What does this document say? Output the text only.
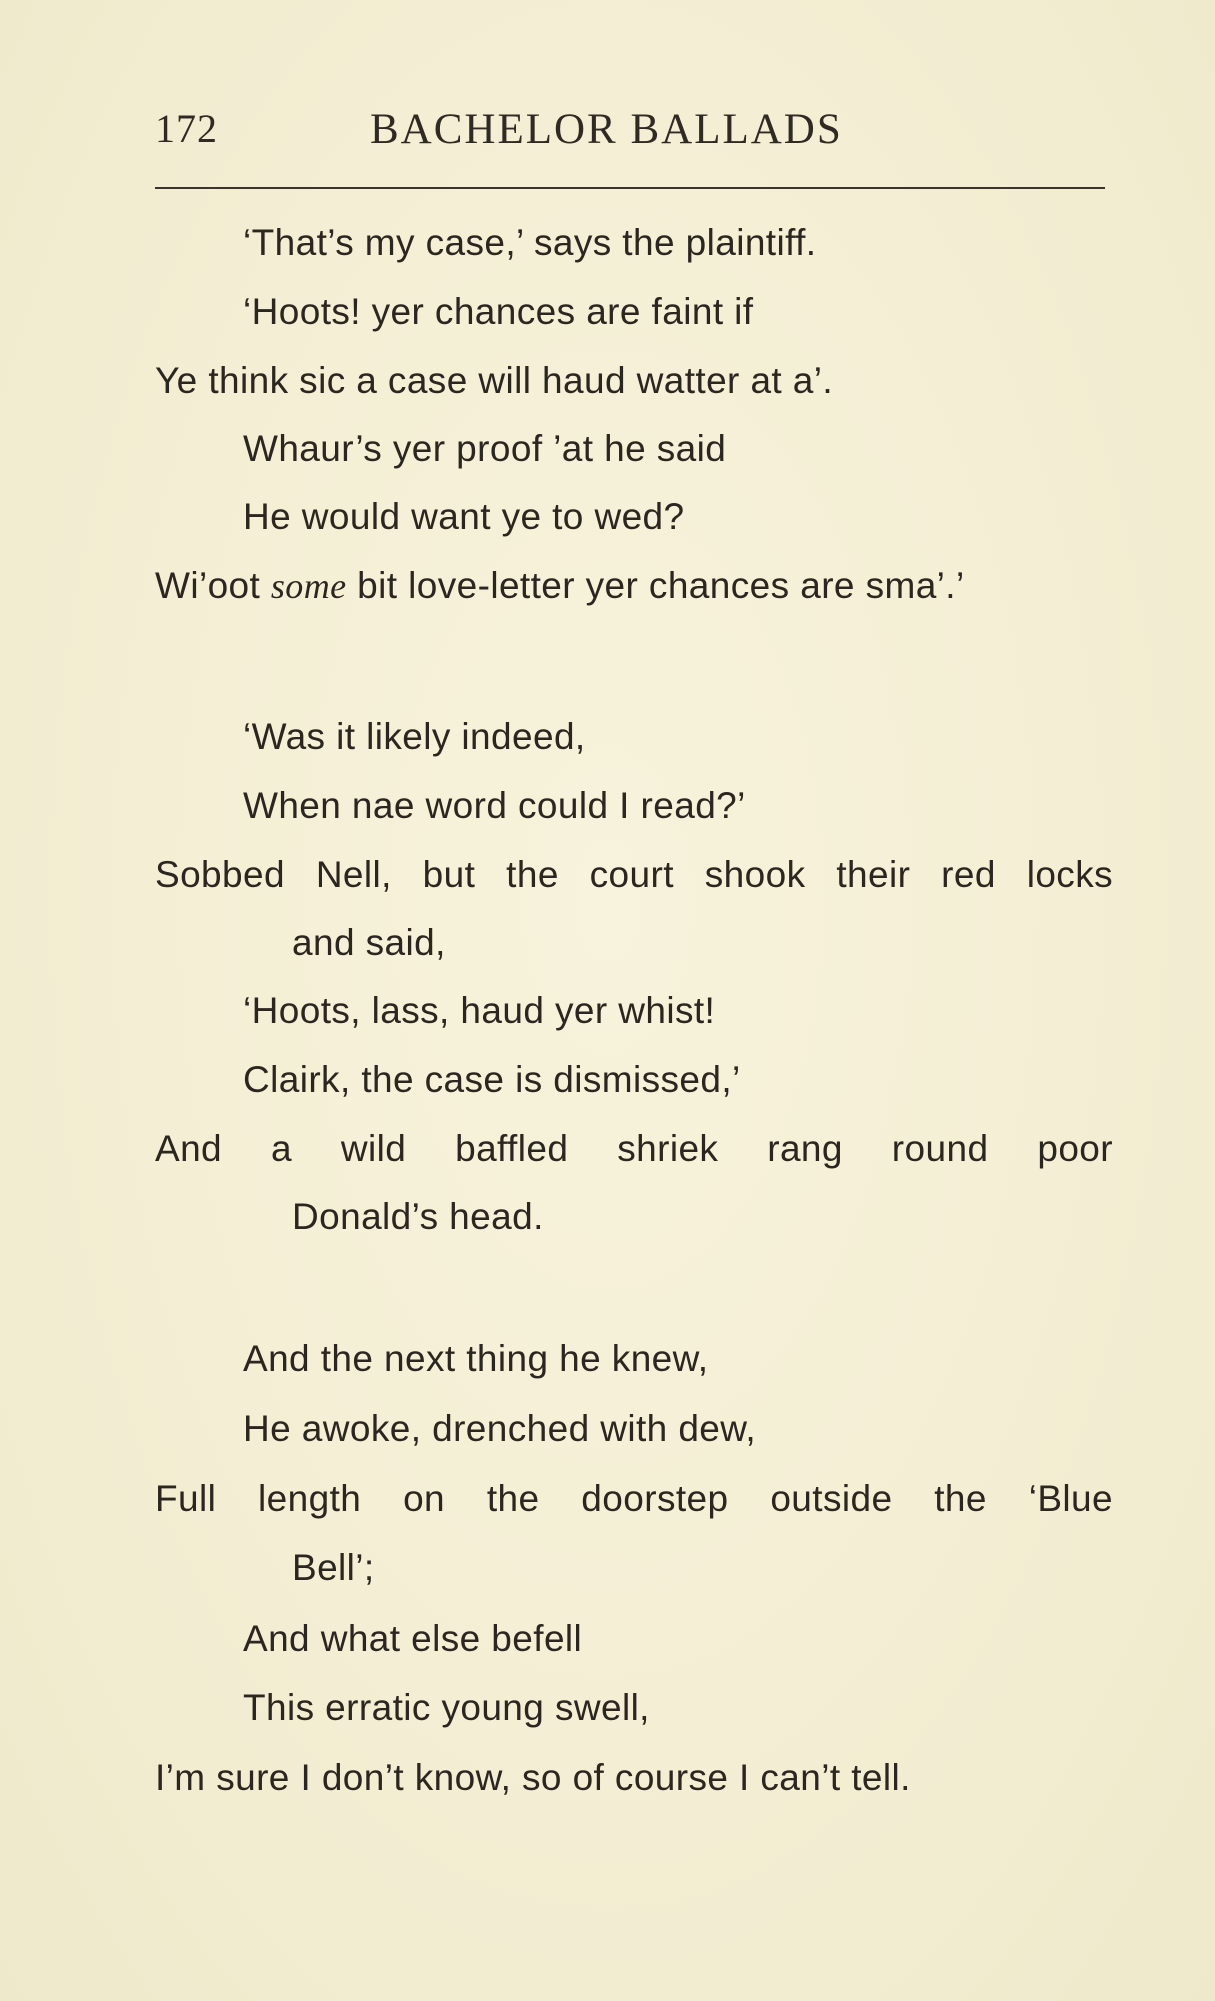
172	BACHELOR BALLADS
‘That’s my case,’ says the plaintiff.
‘Hoots! yer chances are faint if
Ye think sic a case will haud watter at a’.
Whaur’s yer proof ’at he said
He would want ye to wed?
Wi’oot some bit love-letter yer chances are sma’.’
‘Was it likely indeed,
When nae word could I read?’
Sobbed Nell, but the court shook their red locks
and said,
‘Hoots, lass, haud yer whist!
Clairk, the case is dismissed,’
And a wild baffled shriek rang round poor
Donald’s head.
And the next thing he knew,
He awoke, drenched with dew,
Full length on the doorstep outside the ‘Blue
Bell’;
And what else befell
This erratic young swell,
I’m sure I don’t know, so of course I can’t tell.
